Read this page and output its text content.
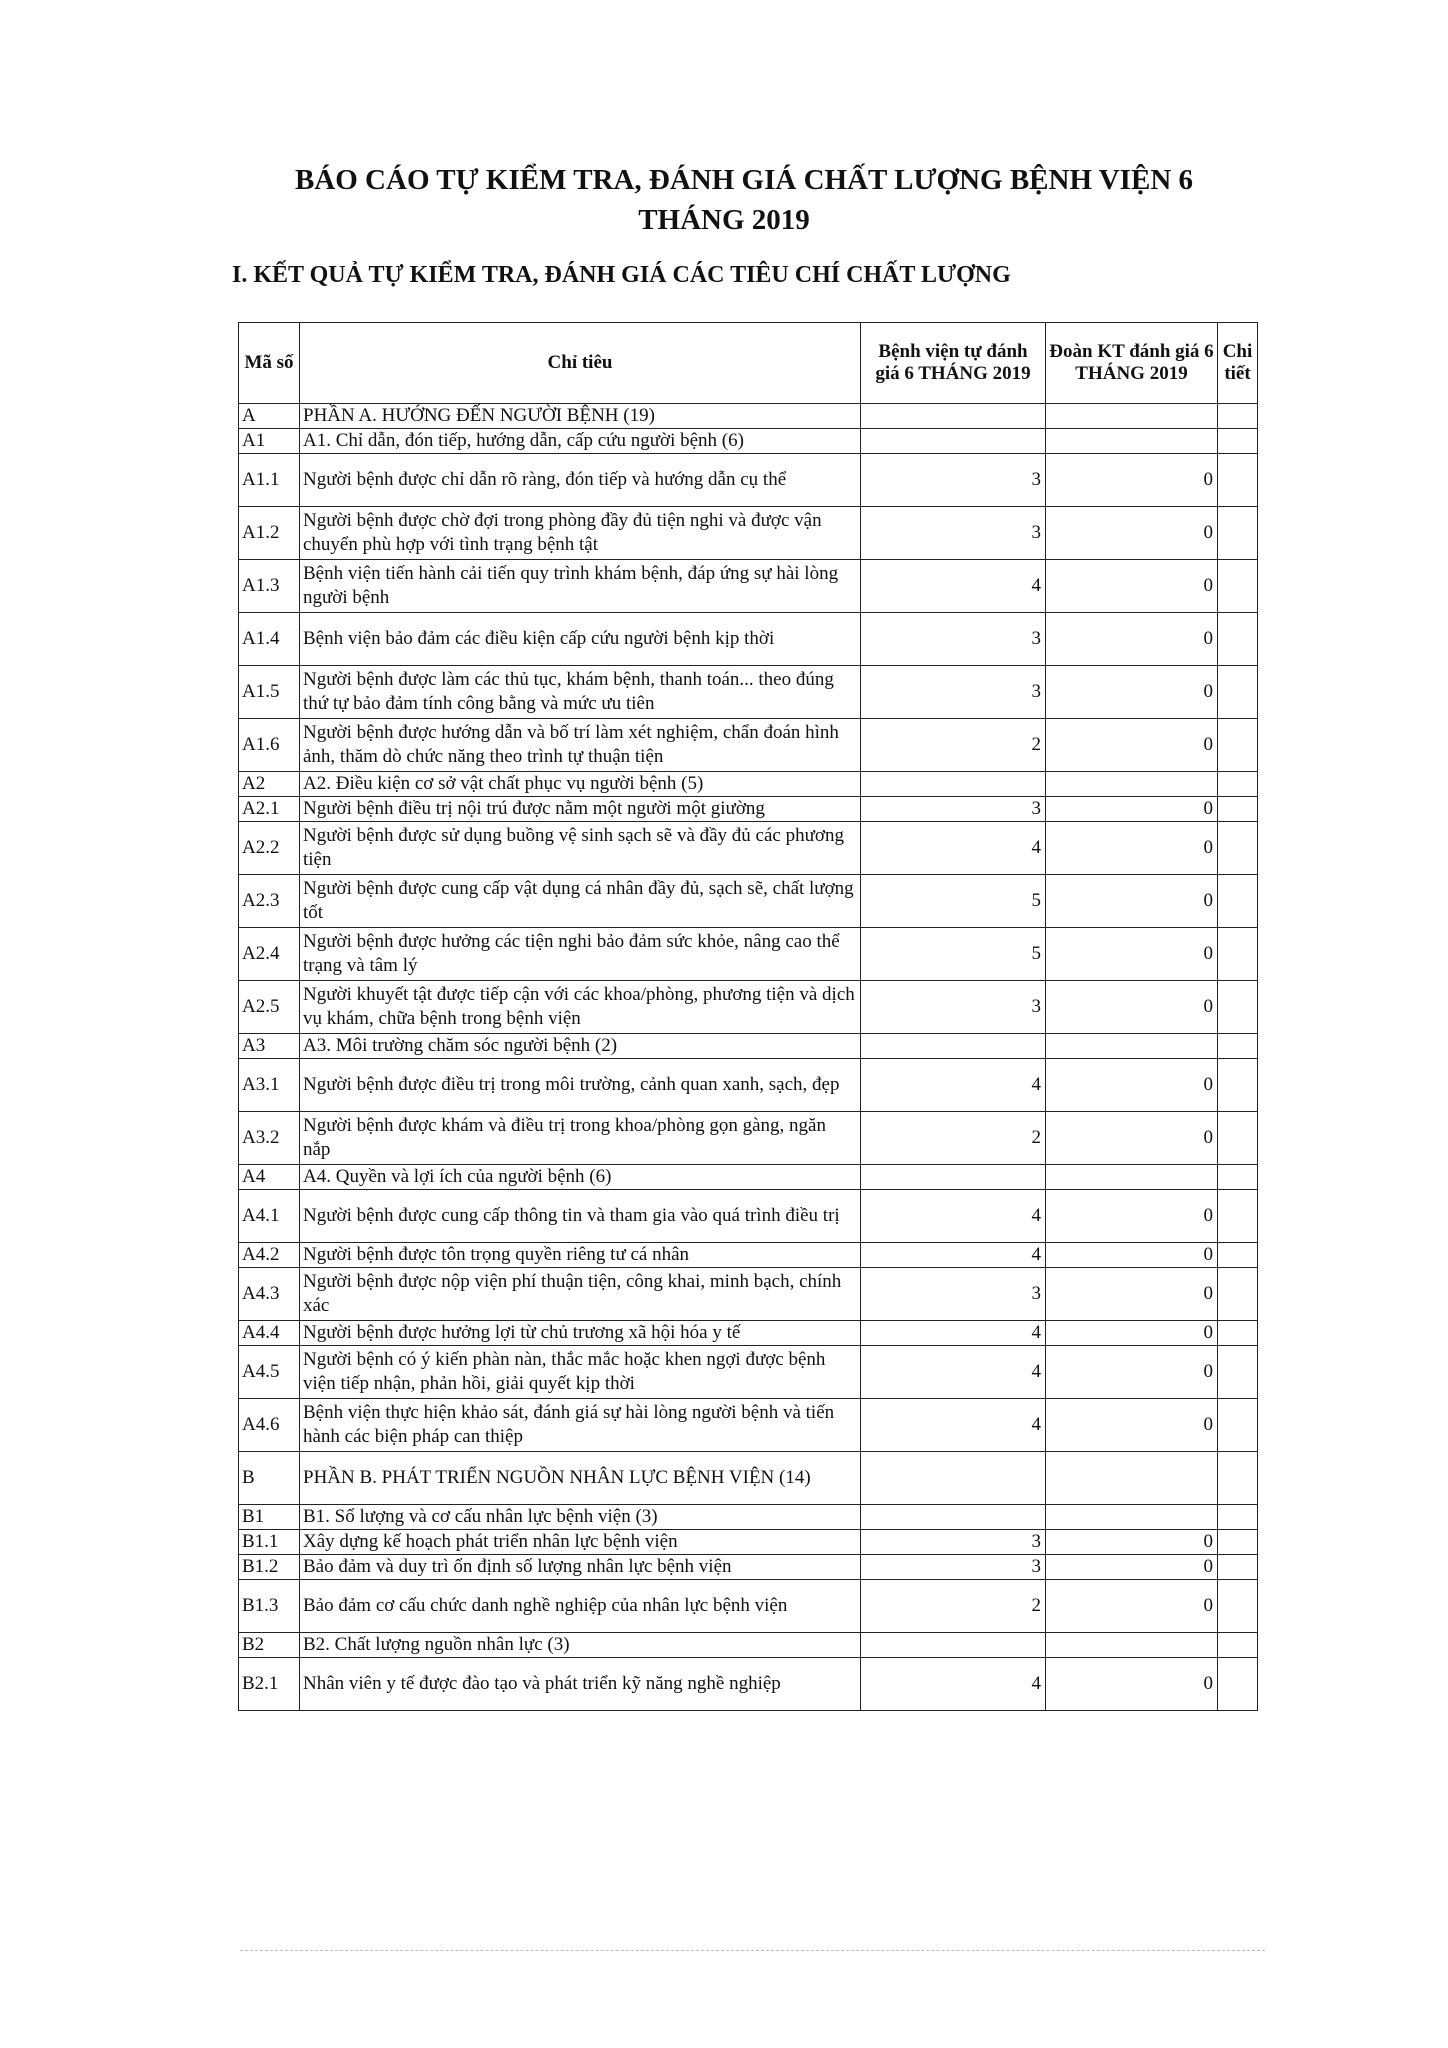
BÁO CÁO TỰ KIỂM TRA, ĐÁNH GIÁ CHẤT LƯỢNG BỆNH VIỆN 6
THÁNG 2019
I. KẾT QUẢ TỰ KIỂM TRA, ĐÁNH GIÁ CÁC TIÊU CHÍ CHẤT LƯỢNG
Mã số	Chỉ tiêu	Bệnh viện tự đánh giá 6 THÁNG 2019	Đoàn KT đánh giá 6 THÁNG 2019	Chi tiết
A	PHẦN A. HƯỚNG ĐẾN NGƯỜI BỆNH (19)			
A1	A1. Chỉ dẫn, đón tiếp, hướng dẫn, cấp cứu người bệnh (6)			
A1.1	Người bệnh được chỉ dẫn rõ ràng, đón tiếp và hướng dẫn cụ thể	3	0	
A1.2	Người bệnh được chờ đợi trong phòng đầy đủ tiện nghi và được vận chuyển phù hợp với tình trạng bệnh tật	3	0	
A1.3	Bệnh viện tiến hành cải tiến quy trình khám bệnh, đáp ứng sự hài lòng người bệnh	4	0	
A1.4	Bệnh viện bảo đảm các điều kiện cấp cứu người bệnh kịp thời	3	0	
A1.5	Người bệnh được làm các thủ tục, khám bệnh, thanh toán... theo đúng thứ tự bảo đảm tính công bằng và mức ưu tiên	3	0	
A1.6	Người bệnh được hướng dẫn và bố trí làm xét nghiệm, chẩn đoán hình ảnh, thăm dò chức năng theo trình tự thuận tiện	2	0	
A2	A2. Điều kiện cơ sở vật chất phục vụ người bệnh (5)			
A2.1	Người bệnh điều trị nội trú được nằm một người một giường	3	0	
A2.2	Người bệnh được sử dụng buồng vệ sinh sạch sẽ và đầy đủ các phương tiện	4	0	
A2.3	Người bệnh được cung cấp vật dụng cá nhân đầy đủ, sạch sẽ, chất lượng tốt	5	0	
A2.4	Người bệnh được hưởng các tiện nghi bảo đảm sức khỏe, nâng cao thể trạng và tâm lý	5	0	
A2.5	Người khuyết tật được tiếp cận với các khoa/phòng, phương tiện và dịch vụ khám, chữa bệnh trong bệnh viện	3	0	
A3	A3. Môi trường chăm sóc người bệnh (2)			
A3.1	Người bệnh được điều trị trong môi trường, cảnh quan xanh, sạch, đẹp	4	0	
A3.2	Người bệnh được khám và điều trị trong khoa/phòng gọn gàng, ngăn nắp	2	0	
A4	A4. Quyền và lợi ích của người bệnh (6)			
A4.1	Người bệnh được cung cấp thông tin và tham gia vào quá trình điều trị	4	0	
A4.2	Người bệnh được tôn trọng quyền riêng tư cá nhân	4	0	
A4.3	Người bệnh được nộp viện phí thuận tiện, công khai, minh bạch, chính xác	3	0	
A4.4	Người bệnh được hưởng lợi từ chủ trương xã hội hóa y tế	4	0	
A4.5	Người bệnh có ý kiến phàn nàn, thắc mắc hoặc khen ngợi được bệnh viện tiếp nhận, phản hồi, giải quyết kịp thời	4	0	
A4.6	Bệnh viện thực hiện khảo sát, đánh giá sự hài lòng người bệnh và tiến hành các biện pháp can thiệp	4	0	
B	PHẦN B. PHÁT TRIỂN NGUỒN NHÂN LỰC BỆNH VIỆN (14)			
B1	B1. Số lượng và cơ cấu nhân lực bệnh viện (3)			
B1.1	Xây dựng kế hoạch phát triển nhân lực bệnh viện	3	0	
B1.2	Bảo đảm và duy trì ổn định số lượng nhân lực bệnh viện	3	0	
B1.3	Bảo đảm cơ cấu chức danh nghề nghiệp của nhân lực bệnh viện	2	0	
B2	B2. Chất lượng nguồn nhân lực (3)			
B2.1	Nhân viên y tế được đào tạo và phát triển kỹ năng nghề nghiệp	4	0	
